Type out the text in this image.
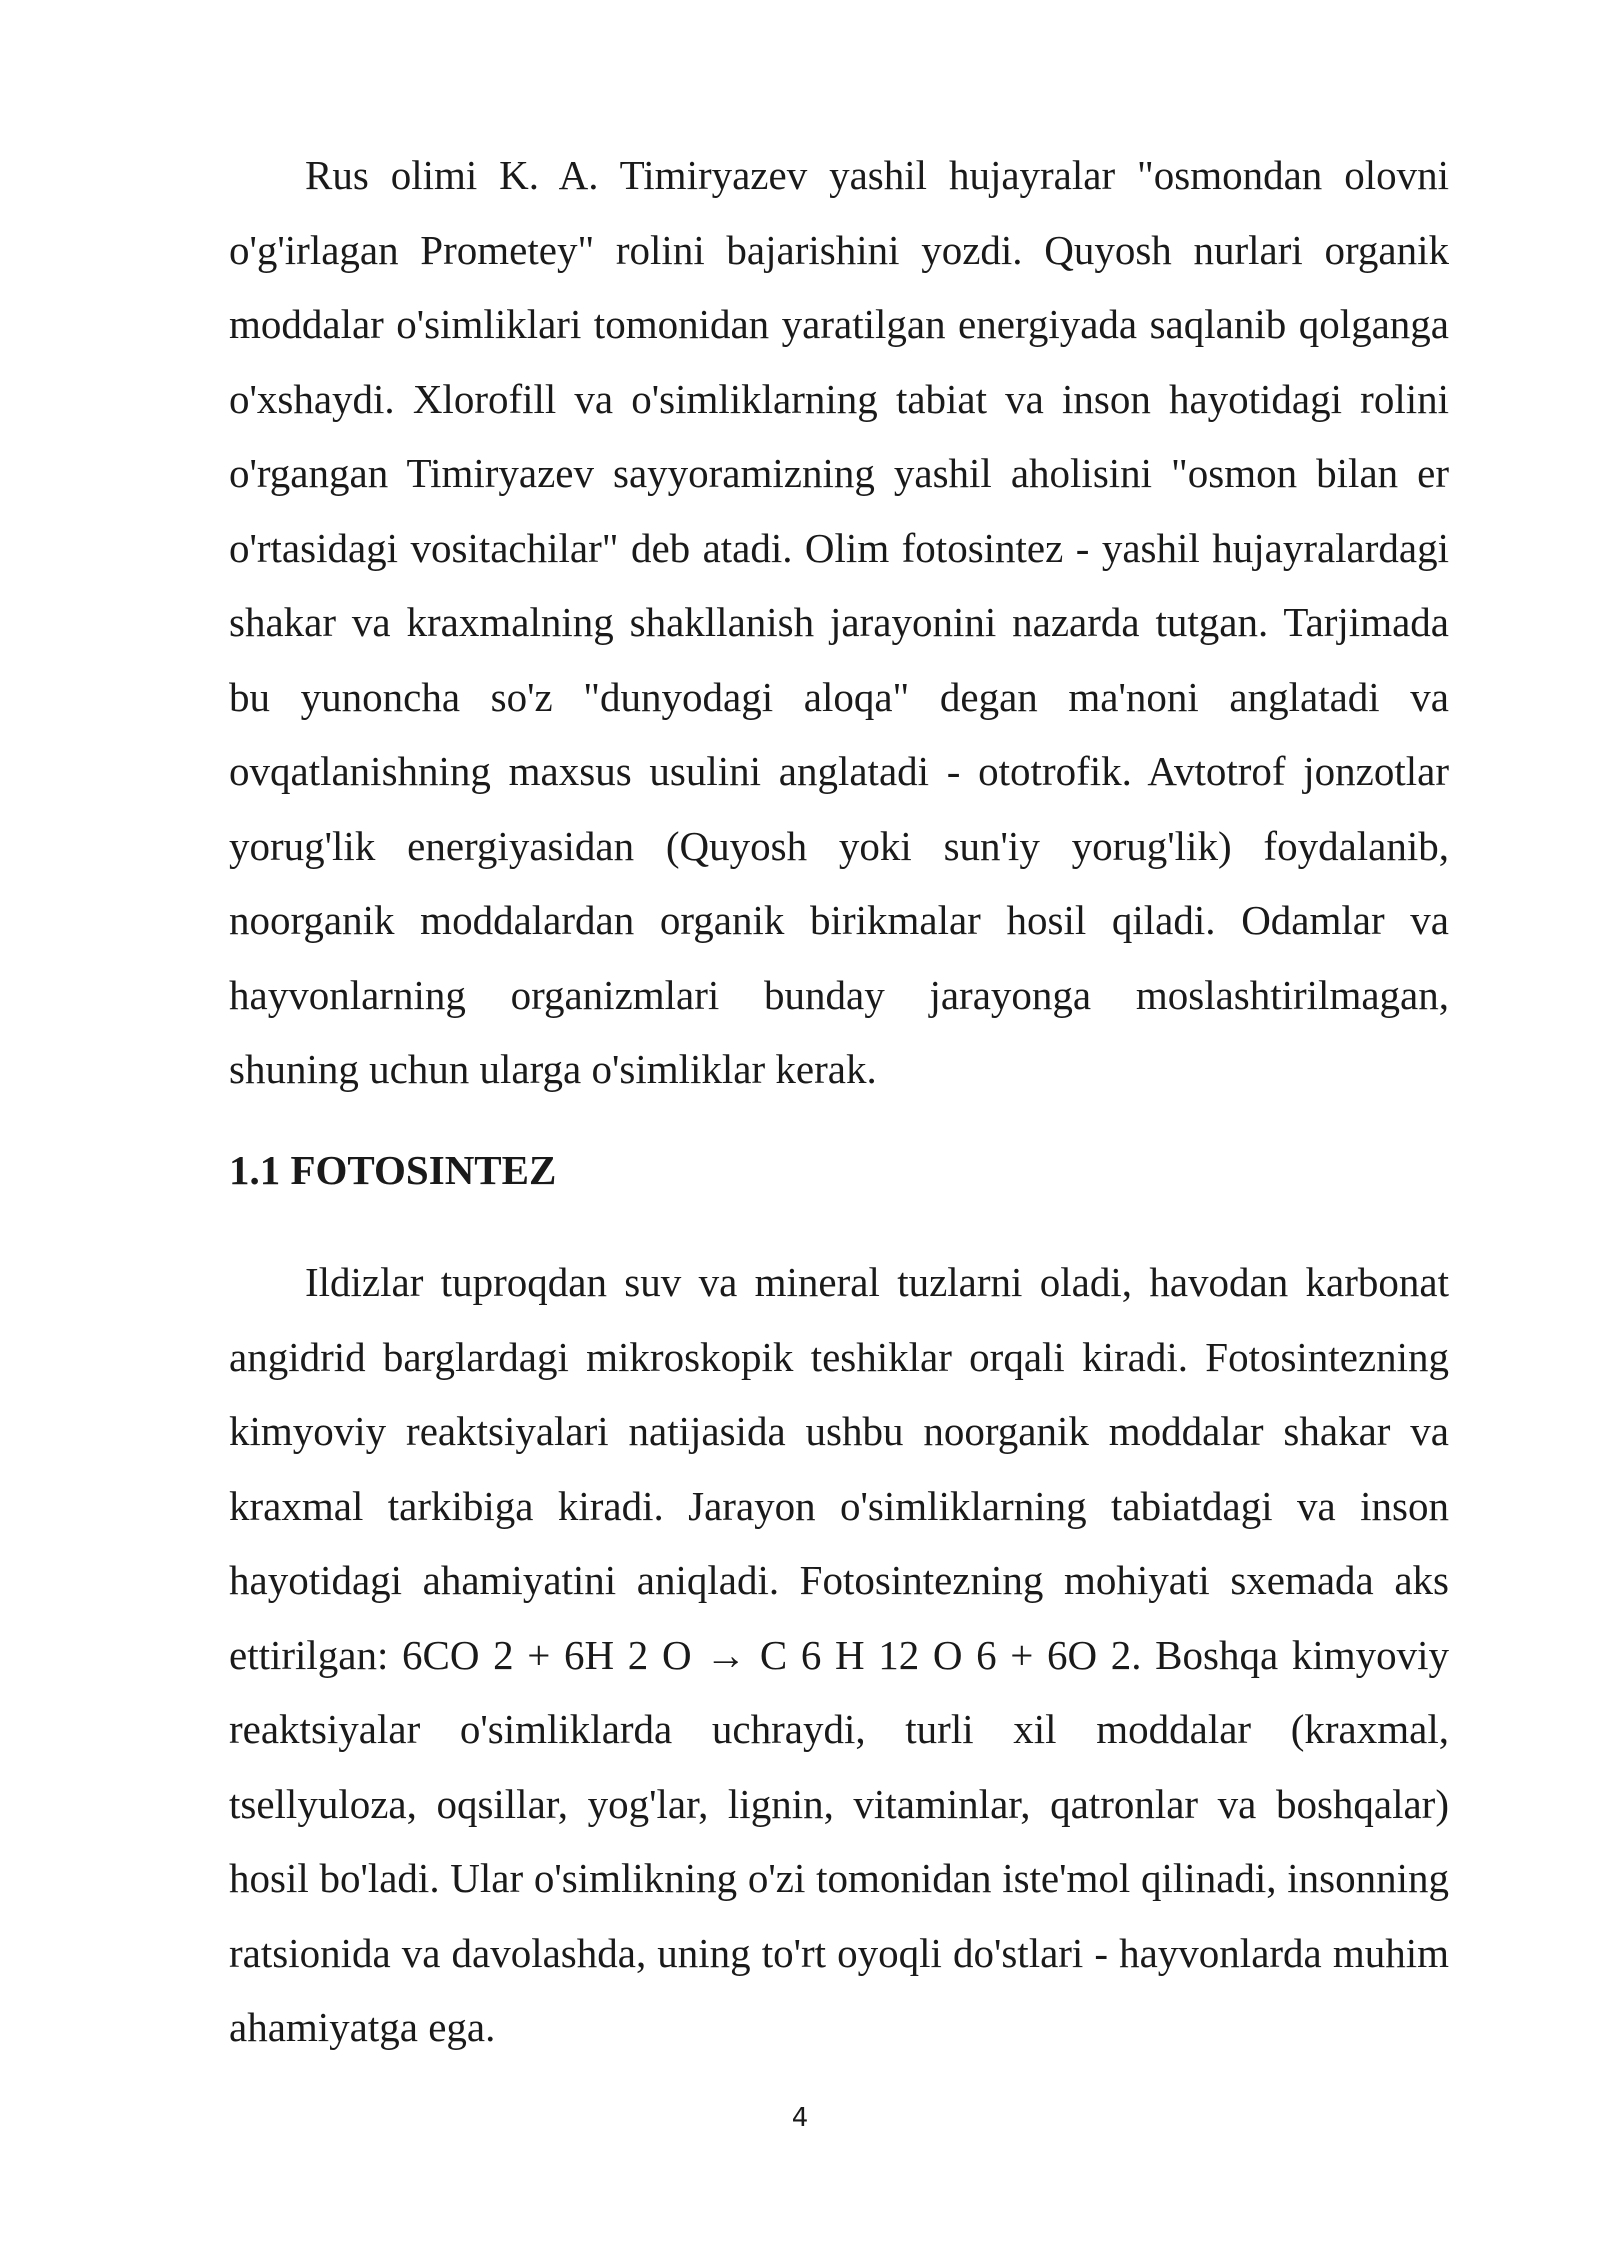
Rus olimi K. A. Timiryazev yashil hujayralar "osmondan olovni o'g'irlagan Prometey" rolini bajarishini yozdi. Quyosh nurlari organik moddalar o'simliklari tomonidan yaratilgan energiyada saqlanib qolganga o'xshaydi. Xlorofill va o'simliklarning tabiat va inson hayotidagi rolini o'rgangan Timiryazev sayyoramizning yashil aholisini "osmon bilan er o'rtasidagi vositachilar" deb atadi. Olim fotosintez - yashil hujayralardagi shakar va kraxmalning shakllanish jarayonini nazarda tutgan. Tarjimada bu yunoncha so'z "dunyodagi aloqa" degan ma'noni anglatadi va ovqatlanishning maxsus usulini anglatadi - ototrofik. Avtotrof jonzotlar yorug'lik energiyasidan (Quyosh yoki sun'iy yorug'lik) foydalanib, noorganik moddalardan organik birikmalar hosil qiladi. Odamlar va hayvonlarning organizmlari bunday jarayonga moslashtirilmagan, shuning uchun ularga o'simliklar kerak.

1.1 FOTOSINTEZ

Ildizlar tuproqdan suv va mineral tuzlarni oladi, havodan karbonat angidrid barglardagi mikroskopik teshiklar orqali kiradi. Fotosintezning kimyoviy reaktsiyalari natijasida ushbu noorganik moddalar shakar va kraxmal tarkibiga kiradi. Jarayon o'simliklarning tabiatdagi va inson hayotidagi ahamiyatini aniqladi. Fotosintezning mohiyati sxemada aks ettirilgan: 6CO 2 + 6H 2 O → C 6 H 12 O 6 + 6O 2. Boshqa kimyoviy reaktsiyalar o'simliklarda uchraydi, turli xil moddalar (kraxmal, tsellyuloza, oqsillar, yog'lar, lignin, vitaminlar, qatronlar va boshqalar) hosil bo'ladi. Ular o'simlikning o'zi tomonidan iste'mol qilinadi, insonning ratsionida va davolashda, uning to'rt oyoqli do'stlari - hayvonlarda muhim ahamiyatga ega.

4
